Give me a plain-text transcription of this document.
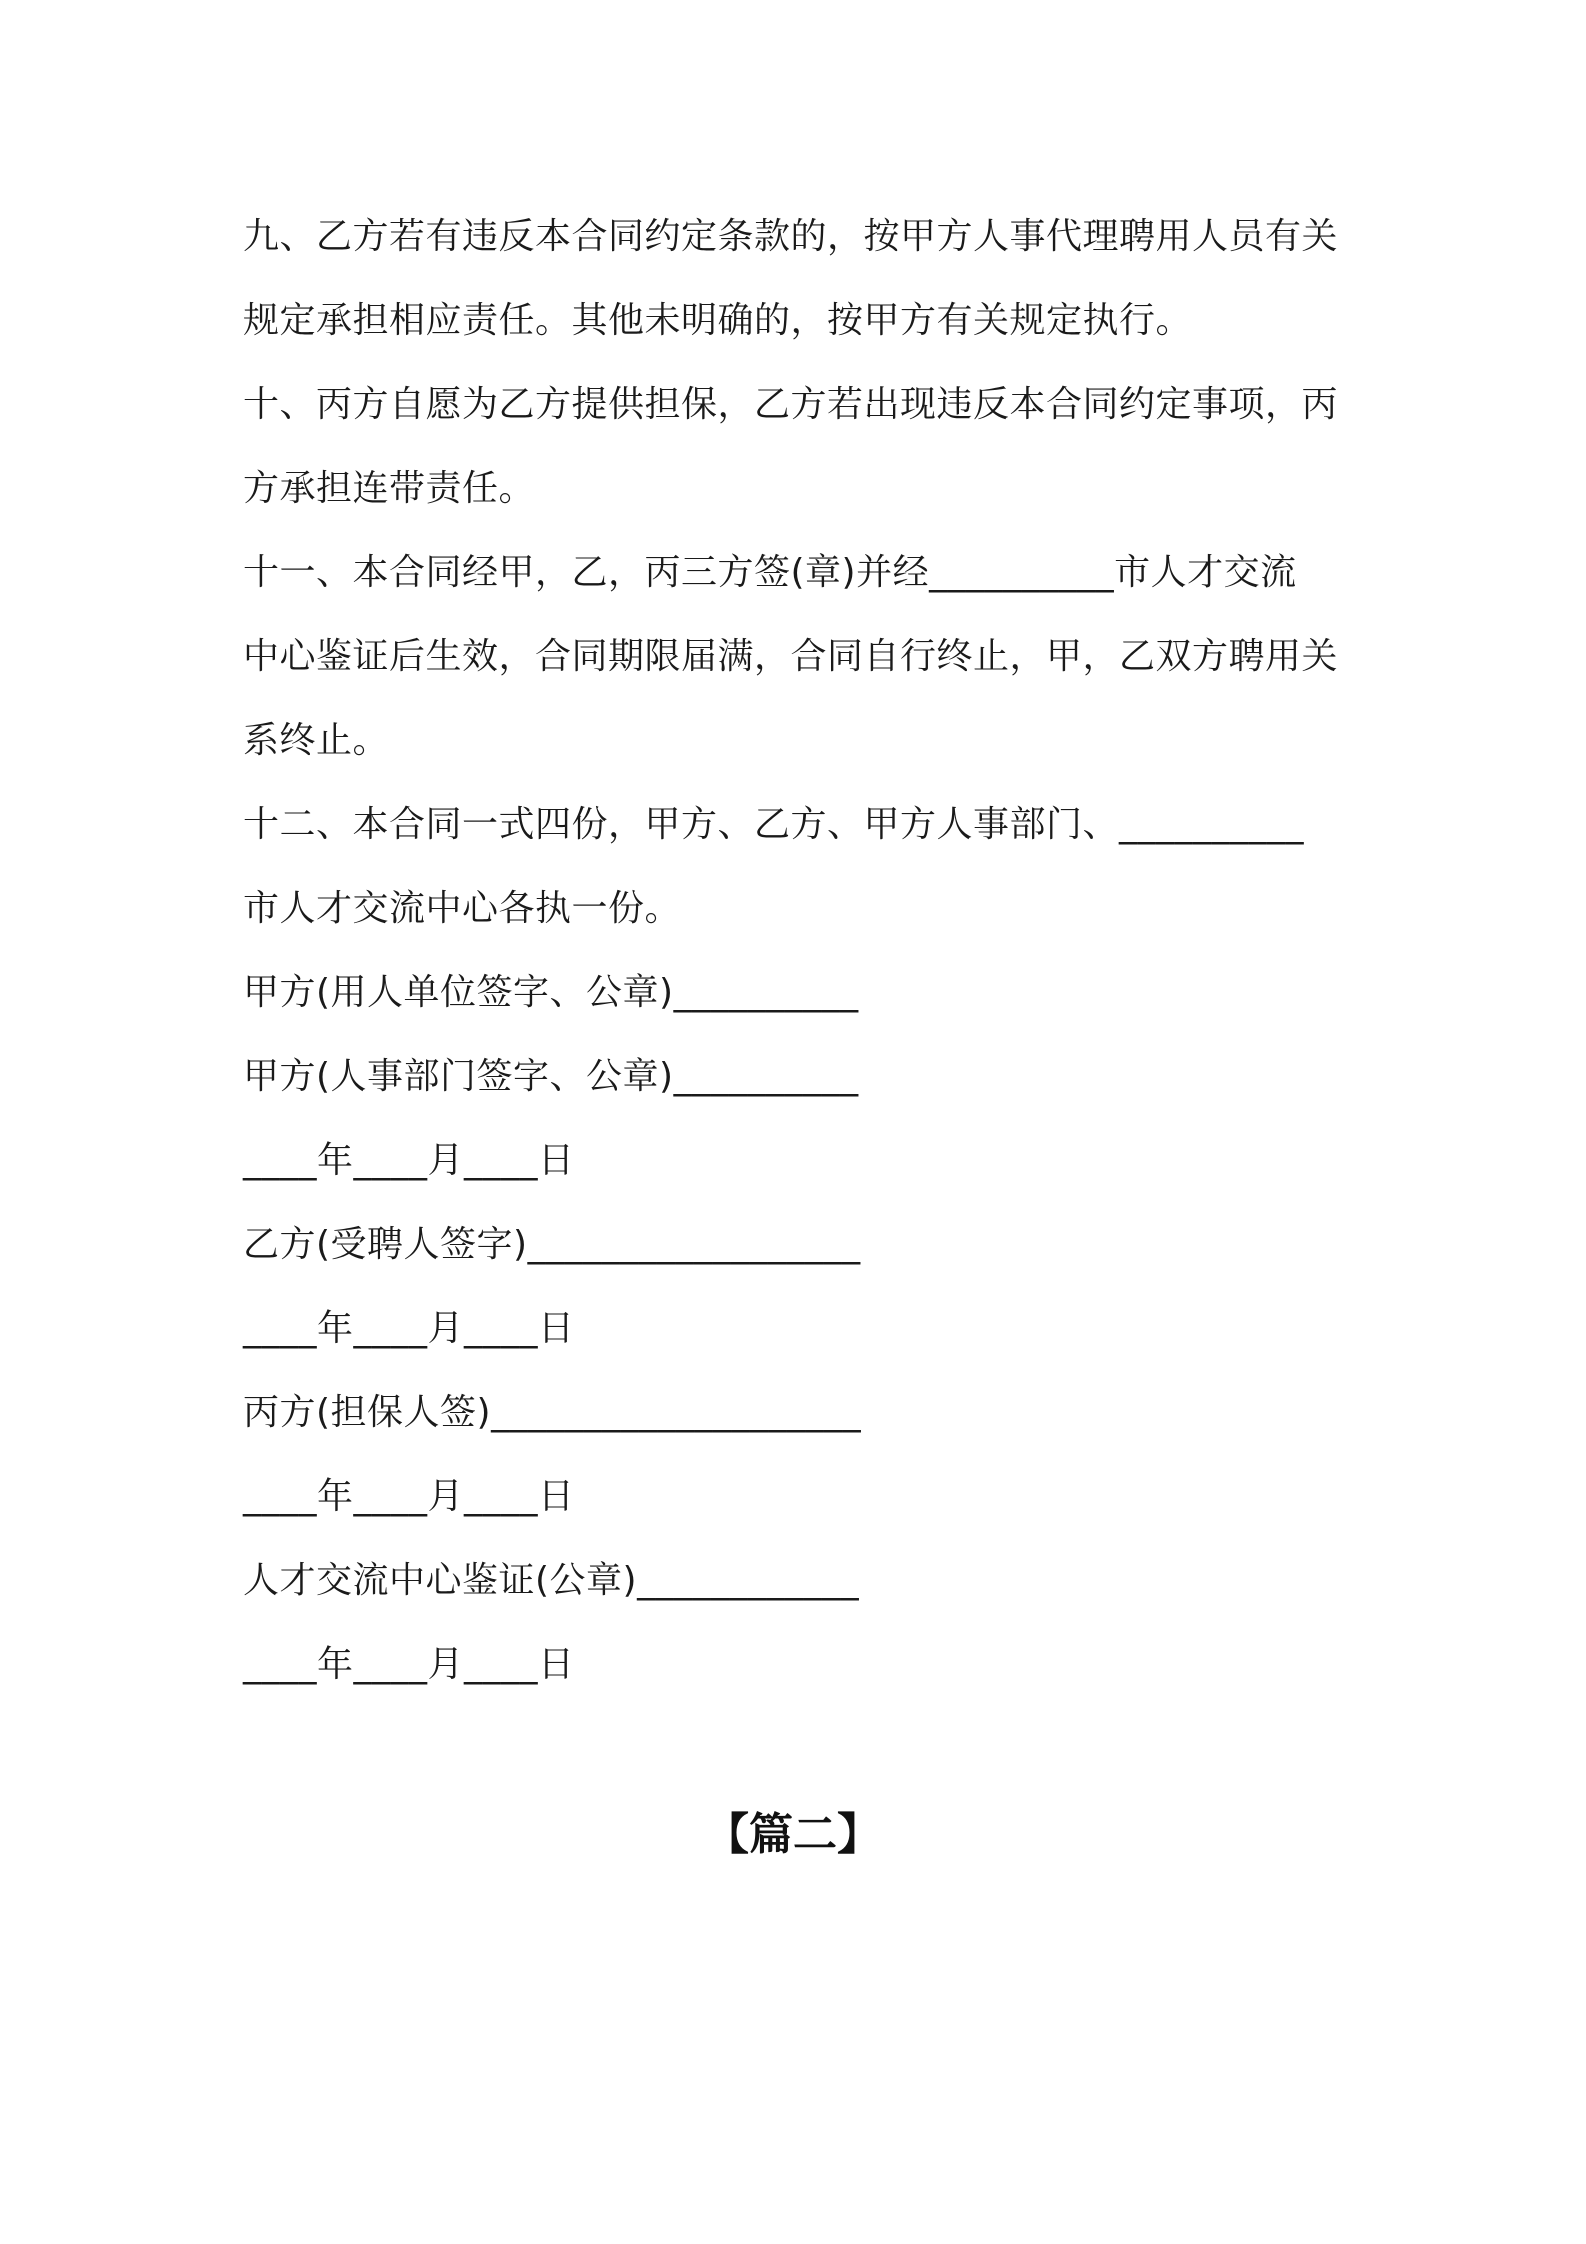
九、乙方若有违反本合同约定条款的，按甲方人事代理聘用人员有关
规定承担相应责任。其他未明确的，按甲方有关规定执行。
十、丙方自愿为乙方提供担保，乙方若出现违反本合同约定事项，丙
方承担连带责任。
十一、本合同经甲，乙，丙三方签(章)并经__________市人才交流
中心鉴证后生效，合同期限届满，合同自行终止，甲，乙双方聘用关
系终止。
十二、本合同一式四份，甲方、乙方、甲方人事部门、__________
市人才交流中心各执一份。
甲方(用人单位签字、公章)__________
甲方(人事部门签字、公章)__________
____年____月____日
乙方(受聘人签字)__________________
____年____月____日
丙方(担保人签)____________________
____年____月____日
人才交流中心鉴证(公章)____________
____年____月____日
【篇二】
